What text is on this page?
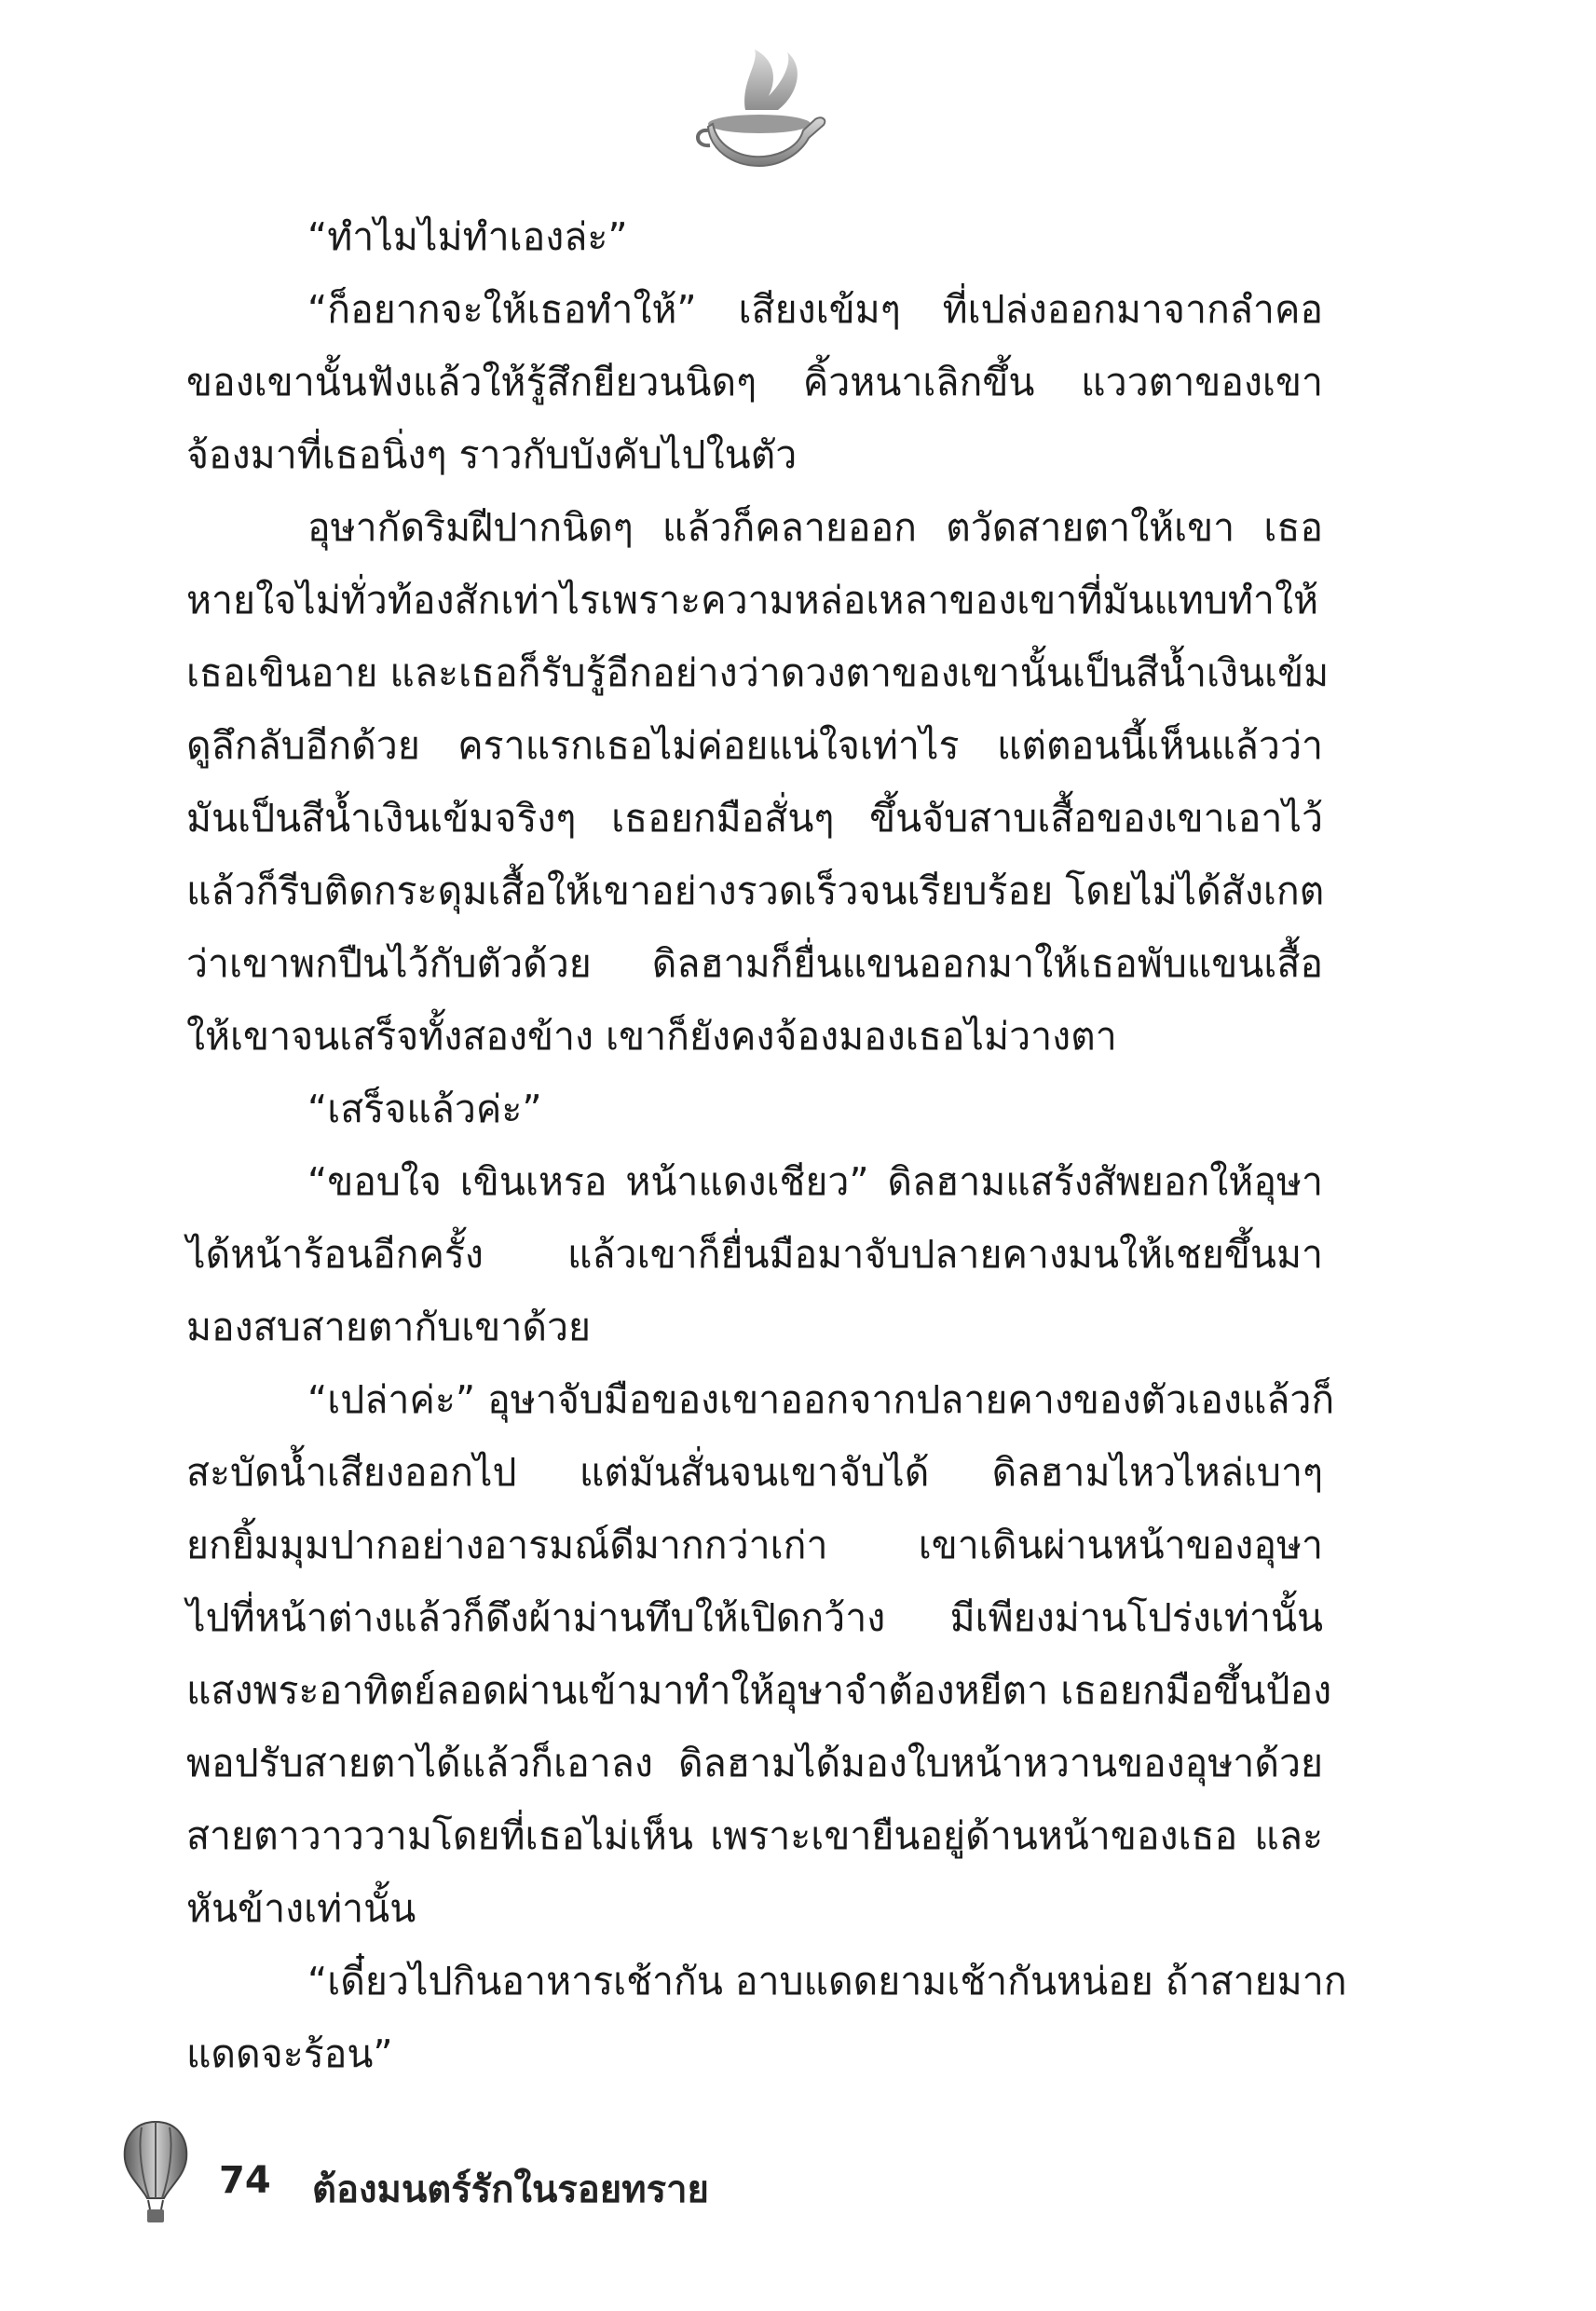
“ทำไมไม่ทำเองล่ะ”
“ก็อยากจะให้เธอทำให้” เสียงเข้มๆ ที่เปล่งออกมาจากลำคอ
ของเขานั้นฟังแล้วให้รู้สึกยียวนนิดๆ คิ้วหนาเลิกขึ้น แววตาของเขา
จ้องมาที่เธอนิ่งๆ ราวกับบังคับไปในตัว
อุษากัดริมฝีปากนิดๆ แล้วก็คลายออก ตวัดสายตาให้เขา เธอ
หายใจไม่ทั่วท้องสักเท่าไรเพราะความหล่อเหลาของเขาที่มันแทบทำให้
เธอเขินอาย และเธอก็รับรู้อีกอย่างว่าดวงตาของเขานั้นเป็นสีน้ำเงินเข้ม
ดูลึกลับอีกด้วย คราแรกเธอไม่ค่อยแน่ใจเท่าไร แต่ตอนนี้เห็นแล้วว่า
มันเป็นสีน้ำเงินเข้มจริงๆ เธอยกมือสั่นๆ ขึ้นจับสาบเสื้อของเขาเอาไว้
แล้วก็รีบติดกระดุมเสื้อให้เขาอย่างรวดเร็วจนเรียบร้อย โดยไม่ได้สังเกต
ว่าเขาพกปืนไว้กับตัวด้วย ดิลฮามก็ยื่นแขนออกมาให้เธอพับแขนเสื้อ
ให้เขาจนเสร็จทั้งสองข้าง เขาก็ยังคงจ้องมองเธอไม่วางตา
“เสร็จแล้วค่ะ”
“ขอบใจ เขินเหรอ หน้าแดงเชียว” ดิลฮามแสร้งสัพยอกให้อุษา
ได้หน้าร้อนอีกครั้ง แล้วเขาก็ยื่นมือมาจับปลายคางมนให้เชยขึ้นมา
มองสบสายตากับเขาด้วย
“เปล่าค่ะ” อุษาจับมือของเขาออกจากปลายคางของตัวเองแล้วก็
สะบัดน้ำเสียงออกไป แต่มันสั่นจนเขาจับได้ ดิลฮามไหวไหล่เบาๆ
ยกยิ้มมุมปากอย่างอารมณ์ดีมากกว่าเก่า เขาเดินผ่านหน้าของอุษา
ไปที่หน้าต่างแล้วก็ดึงผ้าม่านทึบให้เปิดกว้าง มีเพียงม่านโปร่งเท่านั้น
แสงพระอาทิตย์ลอดผ่านเข้ามาทำให้อุษาจำต้องหยีตา เธอยกมือขึ้นป้อง
พอปรับสายตาได้แล้วก็เอาลง ดิลฮามได้มองใบหน้าหวานของอุษาด้วย
สายตาวาววามโดยที่เธอไม่เห็น เพราะเขายืนอยู่ด้านหน้าของเธอ และ
หันข้างเท่านั้น
“เดี๋ยวไปกินอาหารเช้ากัน อาบแดดยามเช้ากันหน่อย ถ้าสายมาก
แดดจะร้อน”
74 ต้องมนตร์รักในรอยทราย
